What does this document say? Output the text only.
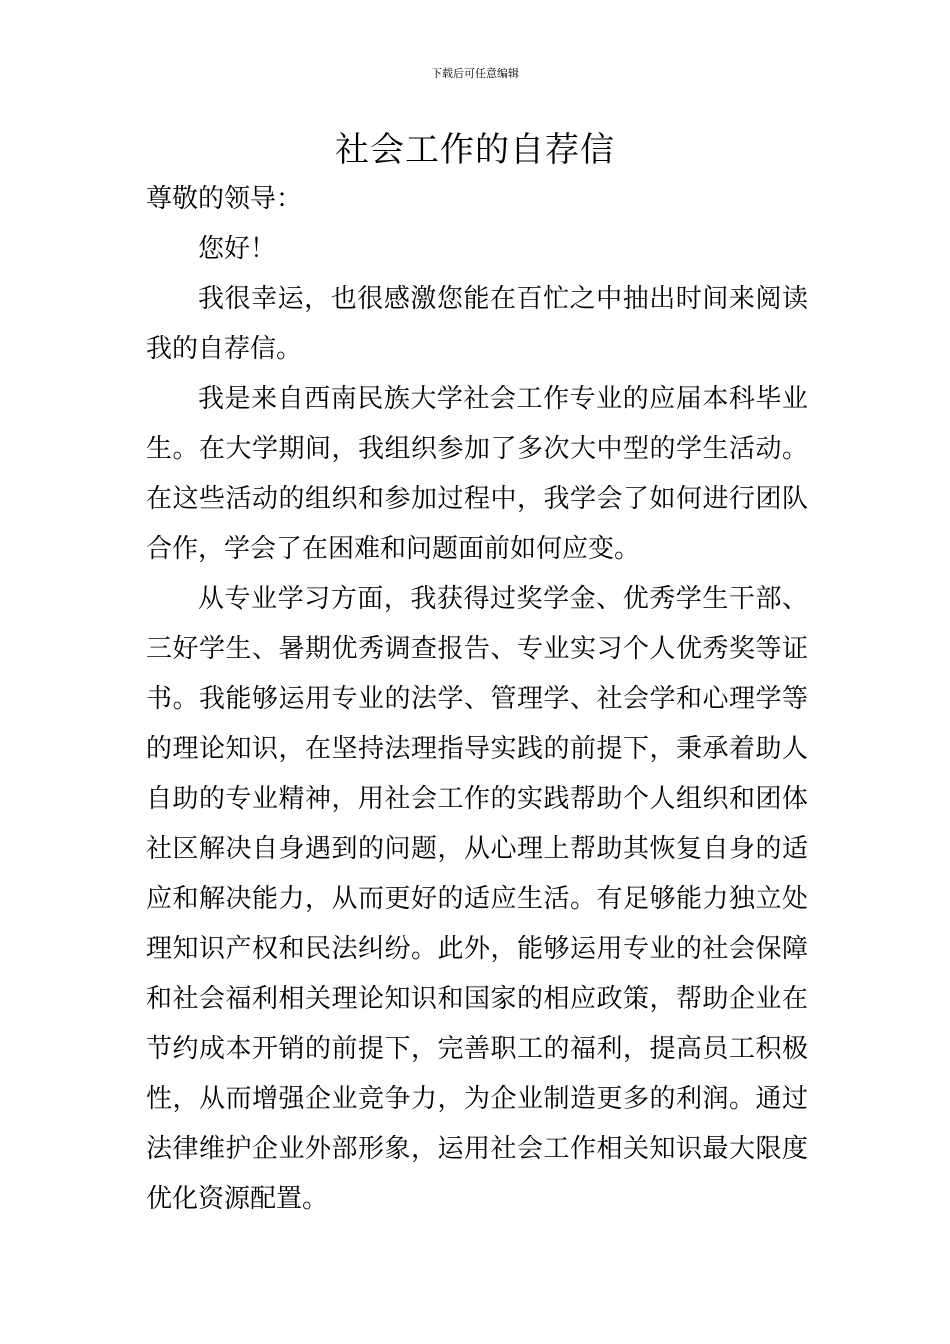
下载后可任意编辑
社会工作的自荐信
尊敬的领导：
您好！

我很幸运，也很感激您能在百忙之中抽出时间来阅读我的自荐信。

我是来自西南民族大学社会工作专业的应届本科毕业生。在大学期间，我组织参加了多次大中型的学生活动。在这些活动的组织和参加过程中，我学会了如何进行团队合作，学会了在困难和问题面前如何应变。

从专业学习方面，我获得过奖学金、优秀学生干部、三好学生、暑期优秀调查报告、专业实习个人优秀奖等证书。我能够运用专业的法学、管理学、社会学和心理学等的理论知识，在坚持法理指导实践的前提下，秉承着助人自助的专业精神，用社会工作的实践帮助个人组织和团体社区解决自身遇到的问题，从心理上帮助其恢复自身的适应和解决能力，从而更好的适应生活。有足够能力独立处理知识产权和民法纠纷。此外，能够运用专业的社会保障和社会福利相关理论知识和国家的相应政策，帮助企业在节约成本开销的前提下，完善职工的福利，提高员工积极性，从而增强企业竞争力，为企业制造更多的利润。通过法律维护企业外部形象，运用社会工作相关知识最大限度优化资源配置。
